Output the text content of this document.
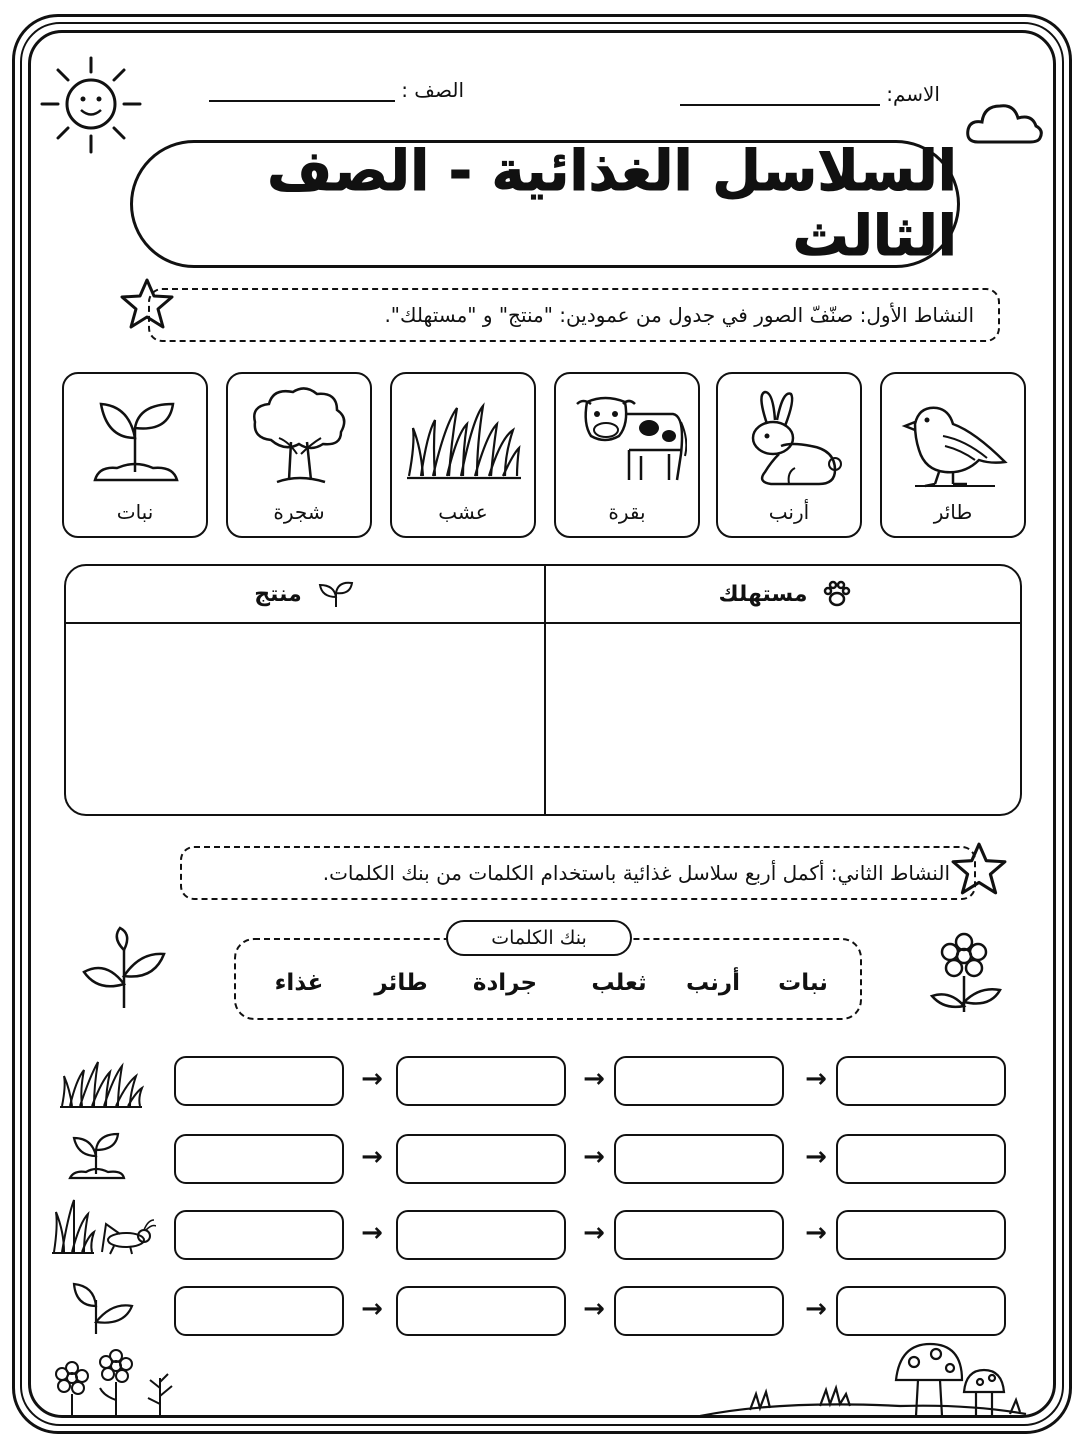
الاسم:
الصف :
السلاسل الغذائية - الصف الثالث
النشاط الأول: صنّفّ الصور في جدول من عمودين: "منتج" و "مستهلك".
طائر
أرنب
بقرة
عشب
شجرة
نبات
مستهلك
منتج
النشاط الثاني: أكمل أربع سلاسل غذائية باستخدام الكلمات من بنك الكلمات.
بنك الكلمات
نبات
أرنب
ثعلب
جرادة
طائر
غذاء
→
→
→
→
→
→
→
→
→
→
→
→
